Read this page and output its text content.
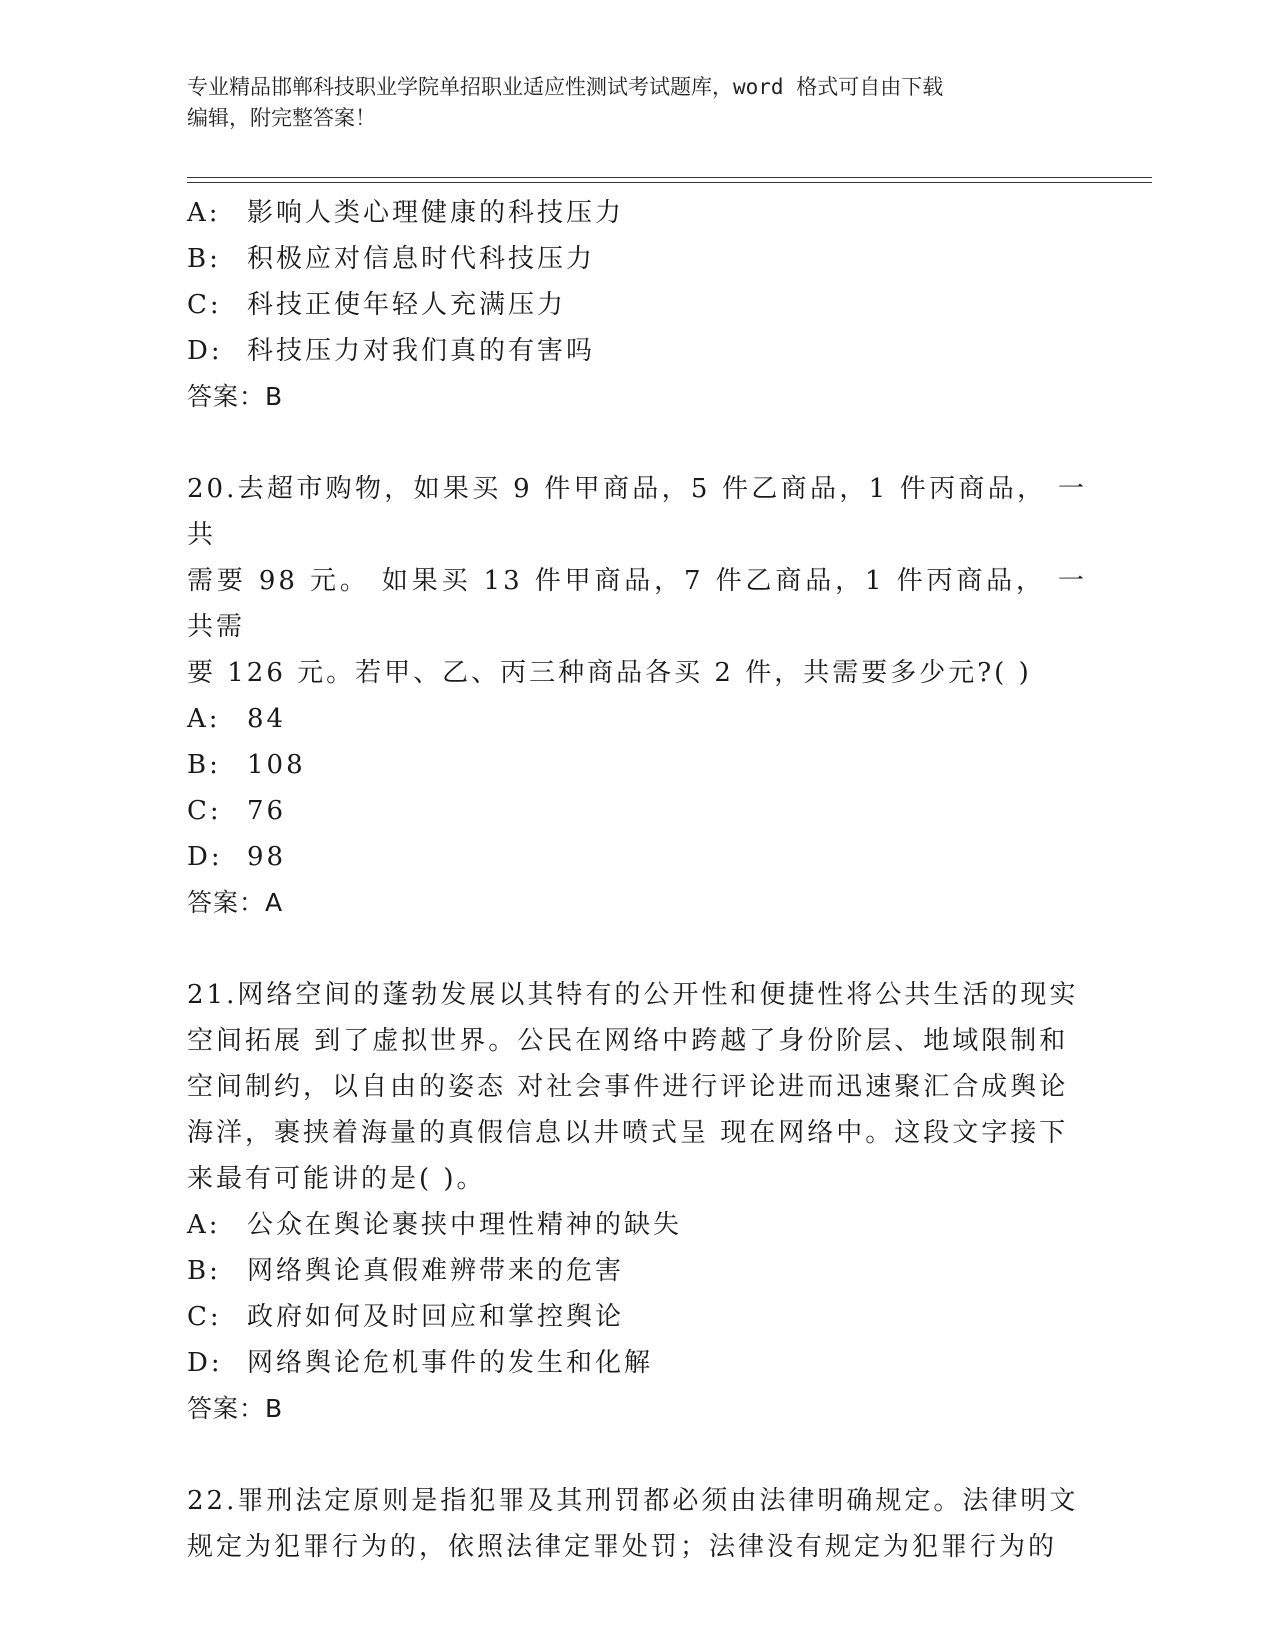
专业精品邯郸科技职业学院单招职业适应性测试考试题库，word 格式可自由下载
编辑，附完整答案！
A:	影响人类心理健康的科技压力
B:	积极应对信息时代科技压力
C: 科技正使年轻人充满压力
D: 科技压力对我们真的有害吗
答案：B
20.去超市购物，如果买 9 件甲商品，5 件乙商品，1 件丙商品， 一共
需要 98 元。 如果买 13 件甲商品，7 件乙商品，1 件丙商品， 一共需
要 126 元。若甲、乙、丙三种商品各买 2 件，共需要多少元?( )
A:	84
B:	108
C: 76
D: 98
答案：A
21.网络空间的蓬勃发展以其特有的公开性和便捷性将公共生活的现实
空间拓展 到了虚拟世界。公民在网络中跨越了身份阶层、地域限制和
空间制约，以自由的姿态 对社会事件进行评论进而迅速聚汇合成舆论
海洋，裹挟着海量的真假信息以井喷式呈 现在网络中。这段文字接下
来最有可能讲的是( )。
A:	公众在舆论裹挟中理性精神的缺失
B:	网络舆论真假难辨带来的危害
C: 政府如何及时回应和掌控舆论
D: 网络舆论危机事件的发生和化解
答案：B
22.罪刑法定原则是指犯罪及其刑罚都必须由法律明确规定。法律明文
规定为犯罪行为的，依照法律定罪处罚；法律没有规定为犯罪行为的
